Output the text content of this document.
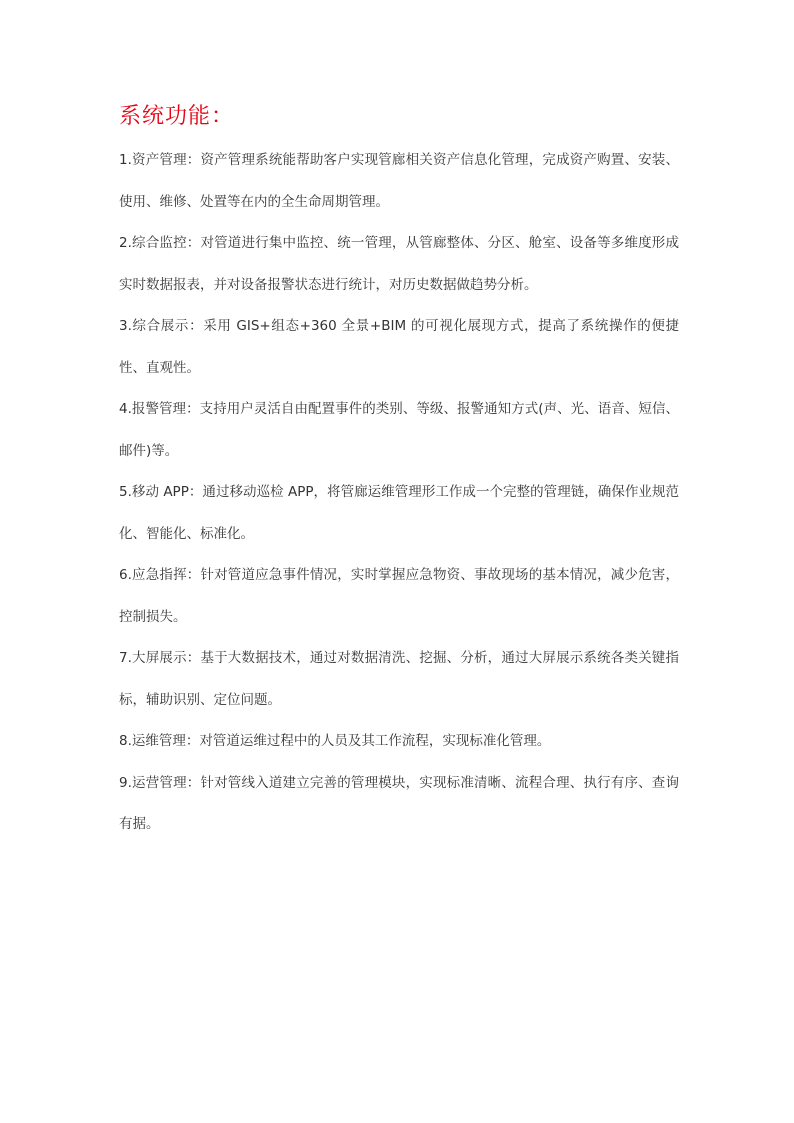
系统功能：

1.资产管理：资产管理系统能帮助客户实现管廊相关资产信息化管理，完成资产购置、安装、使用、维修、处置等在内的全生命周期管理。

2.综合监控：对管道进行集中监控、统一管理，从管廊整体、分区、舱室、设备等多维度形成实时数据报表，并对设备报警状态进行统计，对历史数据做趋势分析。

3.综合展示：采用 GIS+组态+360 全景+BIM 的可视化展现方式，提高了系统操作的便捷性、直观性。

4.报警管理：支持用户灵活自由配置事件的类别、等级、报警通知方式(声、光、语音、短信、邮件)等。

5.移动 APP：通过移动巡检 APP，将管廊运维管理形工作成一个完整的管理链，确保作业规范化、智能化、标准化。

6.应急指挥：针对管道应急事件情况，实时掌握应急物资、事故现场的基本情况，减少危害，控制损失。

7.大屏展示：基于大数据技术，通过对数据清洗、挖掘、分析，通过大屏展示系统各类关键指标，辅助识别、定位问题。

8.运维管理：对管道运维过程中的人员及其工作流程，实现标准化管理。

9.运营管理：针对管线入道建立完善的管理模块，实现标准清晰、流程合理、执行有序、查询有据。
